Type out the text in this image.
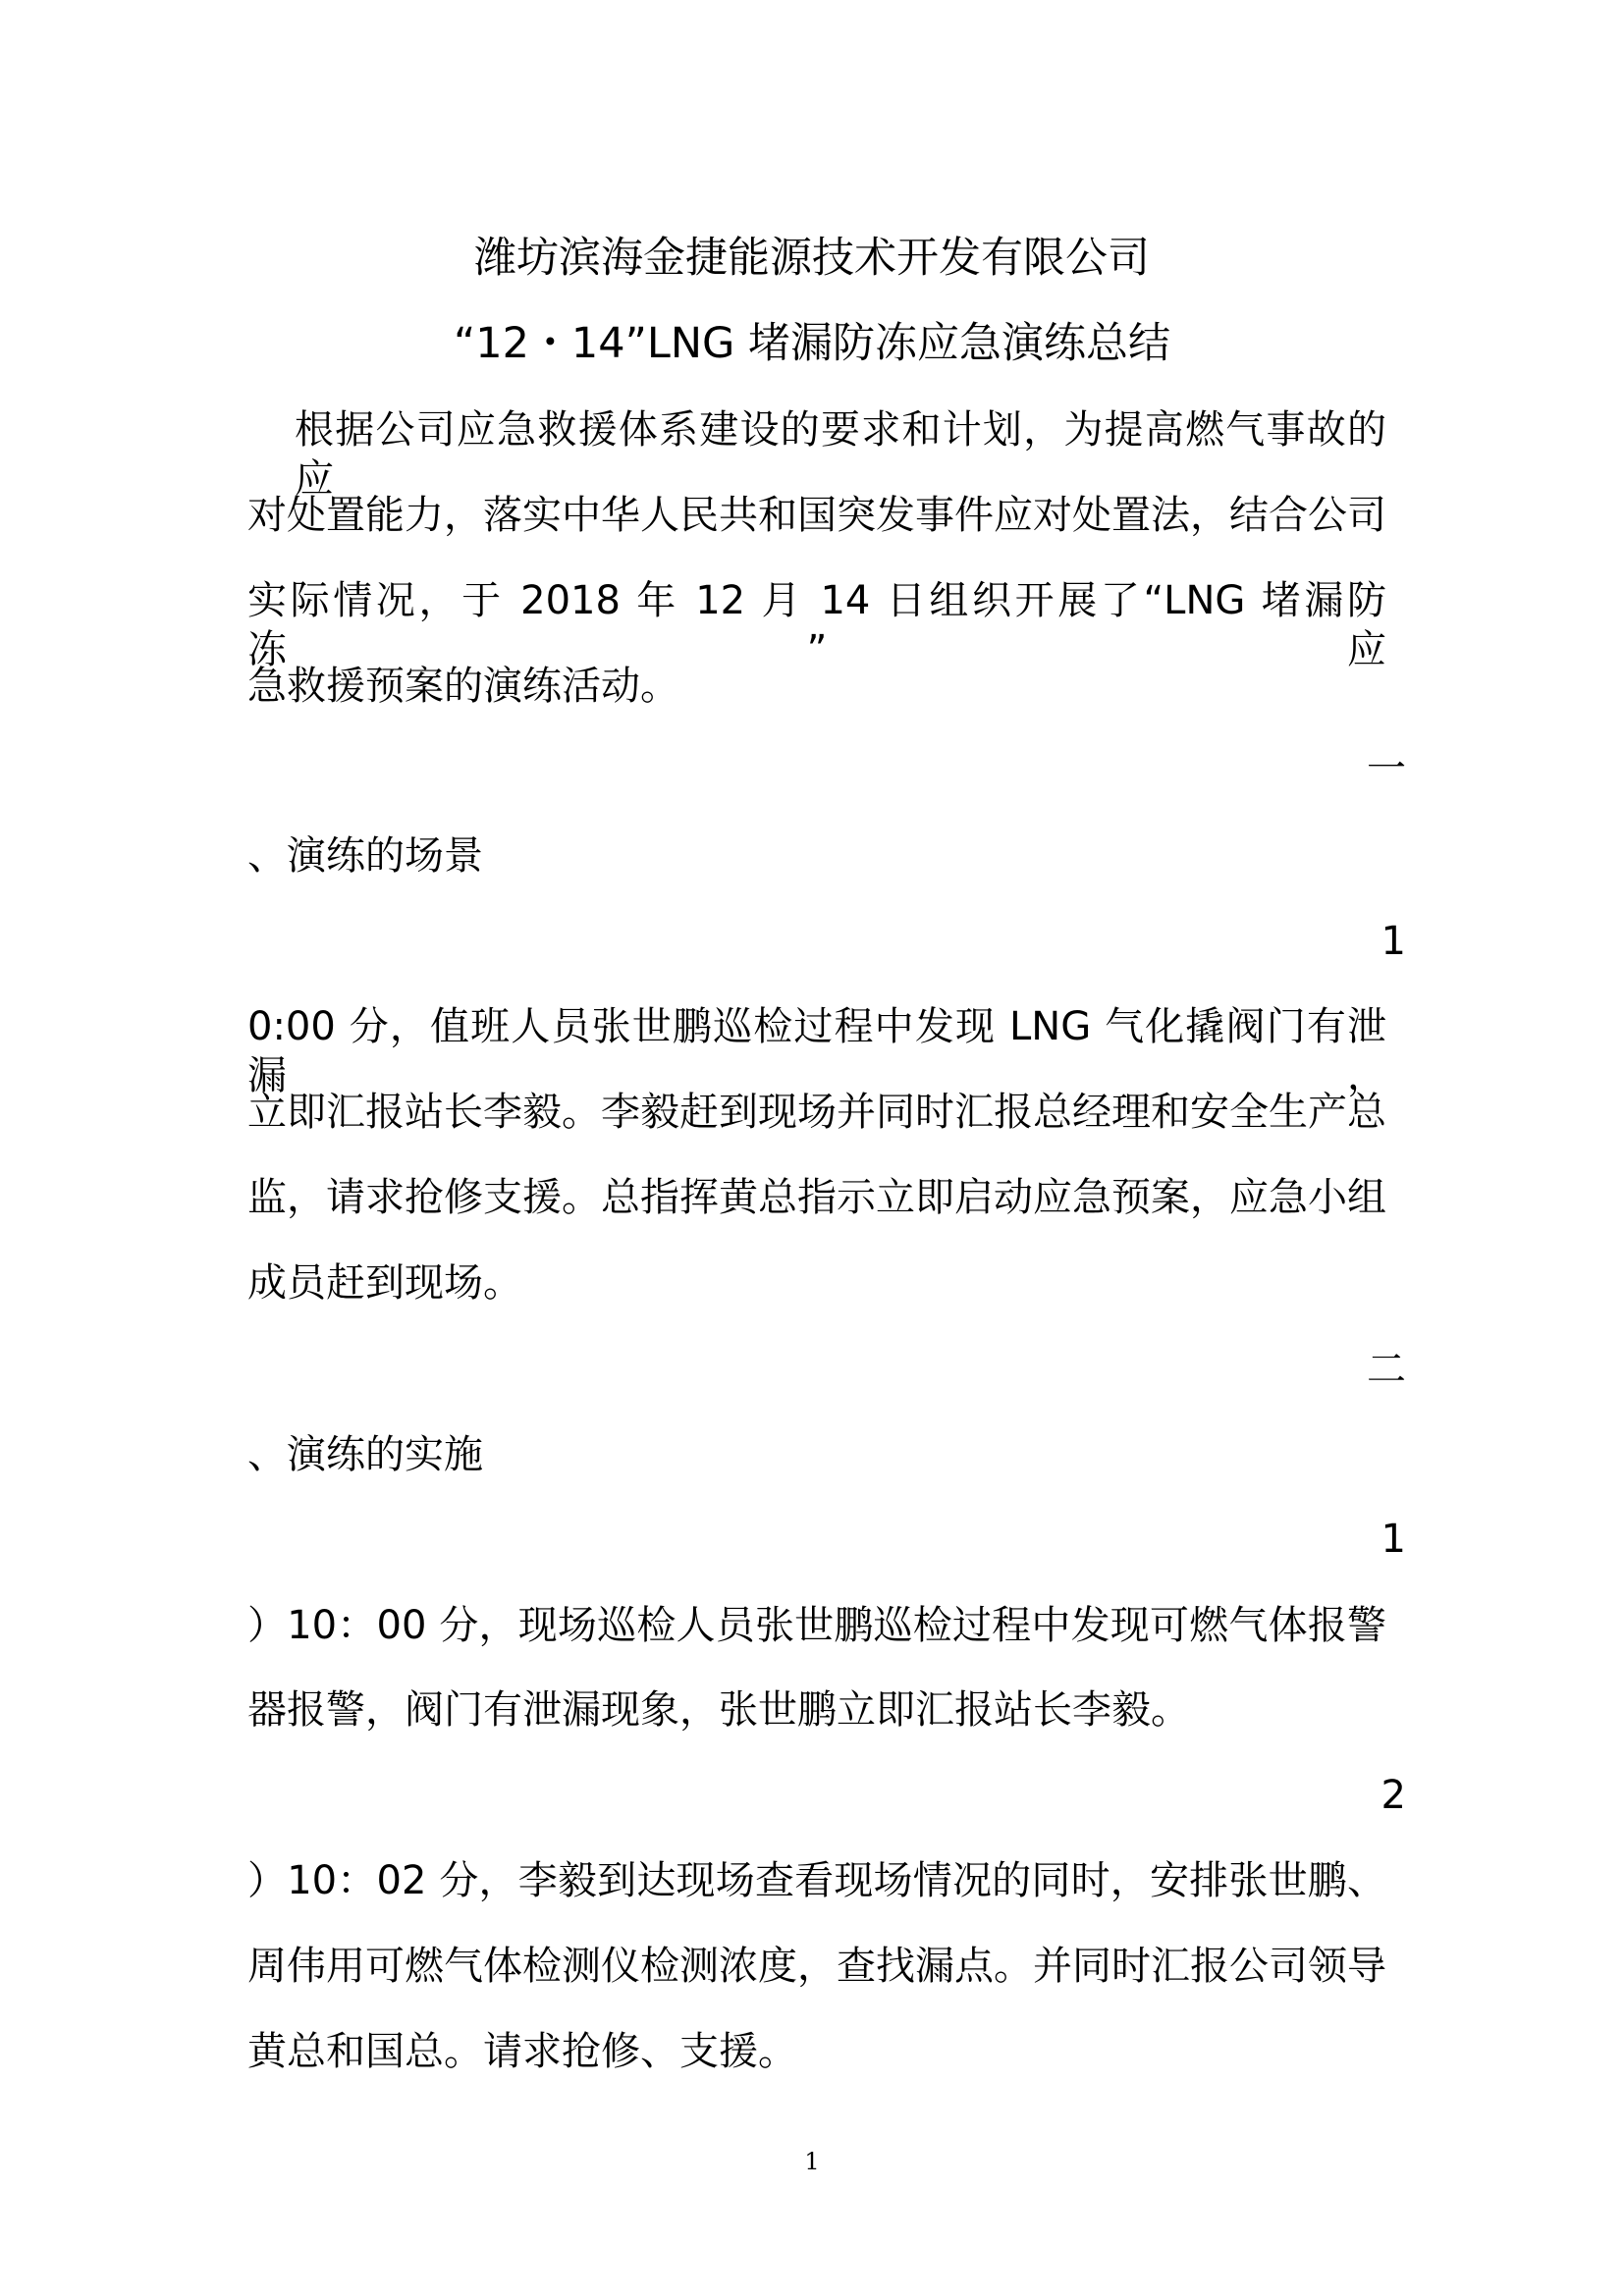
潍坊滨海金捷能源技术开发有限公司
“12・14”LNG 堵漏防冻应急演练总结
根据公司应急救援体系建设的要求和计划，为提高燃气事故的应
对处置能力，落实中华人民共和国突发事件应对处置法，结合公司
实际情况，于 2018 年 12 月 14 日组织开展了“LNG 堵漏防冻”应
急救援预案的演练活动。
一
、演练的场景
1
0:00 分，值班人员张世鹏巡检过程中发现 LNG 气化撬阀门有泄漏，
立即汇报站长李毅。李毅赶到现场并同时汇报总经理和安全生产总
监，请求抢修支援。总指挥黄总指示立即启动应急预案，应急小组
成员赶到现场。
二
、演练的实施
1
）10：00 分，现场巡检人员张世鹏巡检过程中发现可燃气体报警
器报警，阀门有泄漏现象，张世鹏立即汇报站长李毅。
2
）10：02 分，李毅到达现场查看现场情况的同时，安排张世鹏、
周伟用可燃气体检测仪检测浓度，查找漏点。并同时汇报公司领导
黄总和国总。请求抢修、支援。
1
